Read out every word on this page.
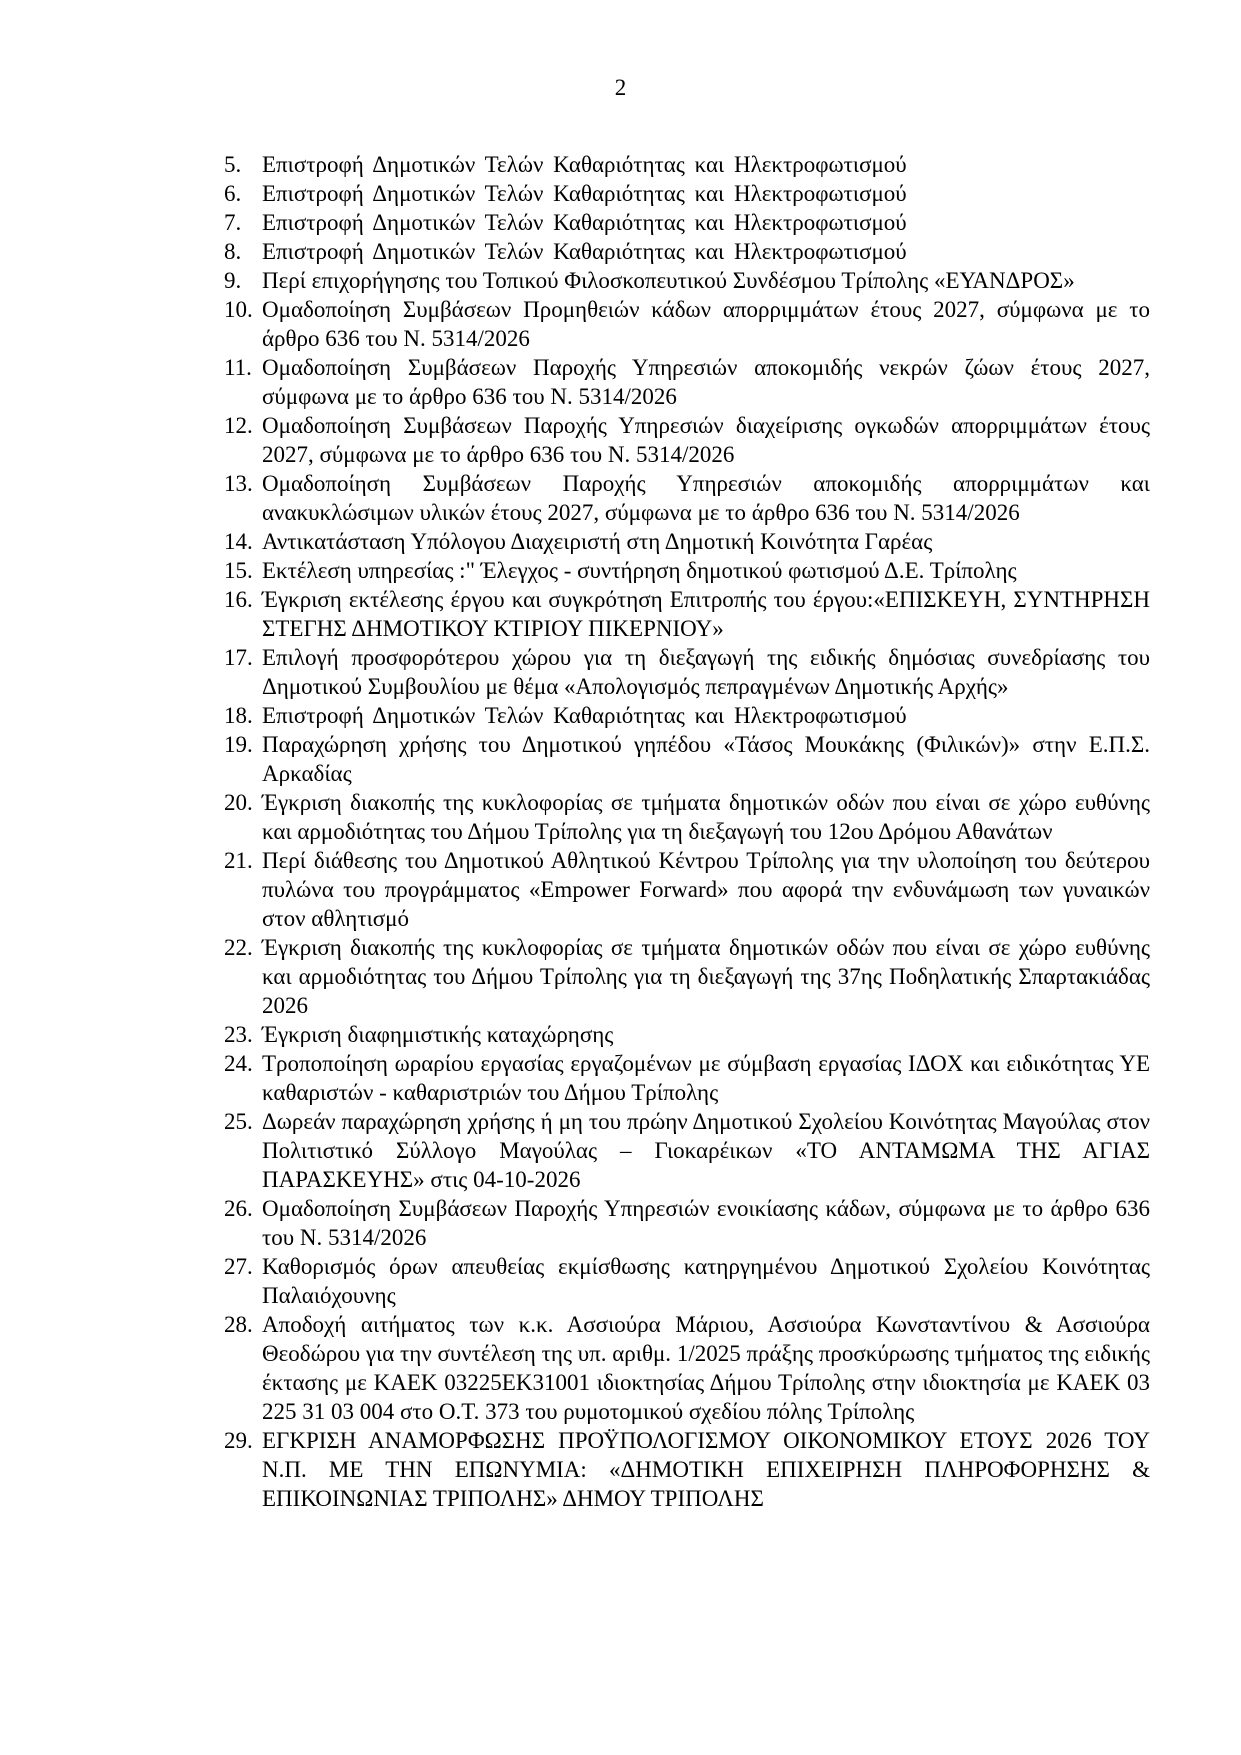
2
5. Επιστροφή Δημοτικών Τελών Καθαριότητας και Ηλεκτροφωτισμού
6. Επιστροφή Δημοτικών Τελών Καθαριότητας και Ηλεκτροφωτισμού
7. Επιστροφή Δημοτικών Τελών Καθαριότητας και Ηλεκτροφωτισμού
8. Επιστροφή Δημοτικών Τελών Καθαριότητας και Ηλεκτροφωτισμού
9. Περί επιχορήγησης του Τοπικού Φιλοσκοπευτικού Συνδέσμου Τρίπολης «ΕΥΑΝΔΡΟΣ»
10. Ομαδοποίηση Συμβάσεων Προμηθειών κάδων απορριμμάτων έτους 2027, σύμφωνα με το άρθρο 636 του Ν. 5314/2026
11. Ομαδοποίηση Συμβάσεων Παροχής Υπηρεσιών αποκομιδής νεκρών ζώων έτους 2027, σύμφωνα με το άρθρο 636 του Ν. 5314/2026
12. Ομαδοποίηση Συμβάσεων Παροχής Υπηρεσιών διαχείρισης ογκωδών απορριμμάτων έτους 2027, σύμφωνα με το άρθρο 636 του Ν. 5314/2026
13. Ομαδοποίηση Συμβάσεων Παροχής Υπηρεσιών αποκομιδής απορριμμάτων και ανακυκλώσιμων υλικών έτους 2027, σύμφωνα με το άρθρο 636 του Ν. 5314/2026
14. Αντικατάσταση Υπόλογου Διαχειριστή στη Δημοτική Κοινότητα Γαρέας
15. Εκτέλεση υπηρεσίας :" Έλεγχος - συντήρηση δημοτικού φωτισμού Δ.Ε. Τρίπολης
16. Έγκριση εκτέλεσης έργου και συγκρότηση Επιτροπής του έργου:«ΕΠΙΣΚΕΥΗ, ΣΥΝΤΗΡΗΣΗ ΣΤΕΓΗΣ ΔΗΜΟΤΙΚΟΥ ΚΤΙΡΙΟΥ ΠΙΚΕΡΝΙΟΥ»
17. Επιλογή προσφορότερου χώρου για τη διεξαγωγή της ειδικής δημόσιας συνεδρίασης του Δημοτικού Συμβουλίου με θέμα «Απολογισμός πεπραγμένων Δημοτικής Αρχής»
18. Επιστροφή Δημοτικών Τελών Καθαριότητας και Ηλεκτροφωτισμού
19. Παραχώρηση χρήσης του Δημοτικού γηπέδου «Τάσος Μουκάκης (Φιλικών)» στην Ε.Π.Σ. Αρκαδίας
20. Έγκριση διακοπής της κυκλοφορίας σε τμήματα δημοτικών οδών που είναι σε χώρο ευθύνης και αρμοδιότητας του Δήμου Τρίπολης για τη διεξαγωγή του 12ου Δρόμου Αθανάτων
21. Περί διάθεσης του Δημοτικού Αθλητικού Κέντρου Τρίπολης για την υλοποίηση του δεύτερου πυλώνα του προγράμματος «Empower Forward» που αφορά την ενδυνάμωση των γυναικών στον αθλητισμό
22. Έγκριση διακοπής της κυκλοφορίας σε τμήματα δημοτικών οδών που είναι σε χώρο ευθύνης και αρμοδιότητας του Δήμου Τρίπολης για τη διεξαγωγή της 37ης Ποδηλατικής Σπαρτακιάδας 2026
23. Έγκριση διαφημιστικής καταχώρησης
24. Τροποποίηση ωραρίου εργασίας εργαζομένων με σύμβαση εργασίας ΙΔΟΧ και ειδικότητας ΥΕ καθαριστών - καθαριστριών του Δήμου Τρίπολης
25. Δωρεάν παραχώρηση χρήσης ή μη του πρώην Δημοτικού Σχολείου Κοινότητας Μαγούλας στον Πολιτιστικό Σύλλογο Μαγούλας – Γιοκαρέικων «ΤΟ ΑΝΤΑΜΩΜΑ ΤΗΣ ΑΓΙΑΣ ΠΑΡΑΣΚΕΥΗΣ» στις 04-10-2026
26. Ομαδοποίηση Συμβάσεων Παροχής Υπηρεσιών ενοικίασης κάδων, σύμφωνα με το άρθρο 636 του Ν. 5314/2026
27. Καθορισμός όρων απευθείας εκμίσθωσης κατηργημένου Δημοτικού Σχολείου Κοινότητας Παλαιόχουνης
28. Αποδοχή αιτήματος των κ.κ. Ασσιούρα Μάριου, Ασσιούρα Κωνσταντίνου & Ασσιούρα Θεοδώρου για την συντέλεση της υπ. αριθμ. 1/2025 πράξης προσκύρωσης τμήματος της ειδικής έκτασης με ΚΑΕΚ 03225ΕΚ31001 ιδιοκτησίας Δήμου Τρίπολης στην ιδιοκτησία με ΚΑΕΚ 03 225 31 03 004 στο Ο.Τ. 373 του ρυμοτομικού σχεδίου πόλης Τρίπολης
29. ΕΓΚΡΙΣΗ ΑΝΑΜΟΡΦΩΣΗΣ ΠΡΟΫΠΟΛΟΓΙΣΜΟΥ ΟΙΚΟΝΟΜΙΚΟΥ ΕΤΟΥΣ 2026 ΤΟΥ Ν.Π. ΜΕ ΤΗΝ ΕΠΩΝΥΜΙΑ: «ΔΗΜΟΤΙΚΗ ΕΠΙΧΕΙΡΗΣΗ ΠΛΗΡΟΦΟΡΗΣΗΣ & ΕΠΙΚΟΙΝΩΝΙΑΣ ΤΡΙΠΟΛΗΣ» ΔΗΜΟΥ ΤΡΙΠΟΛΗΣ
